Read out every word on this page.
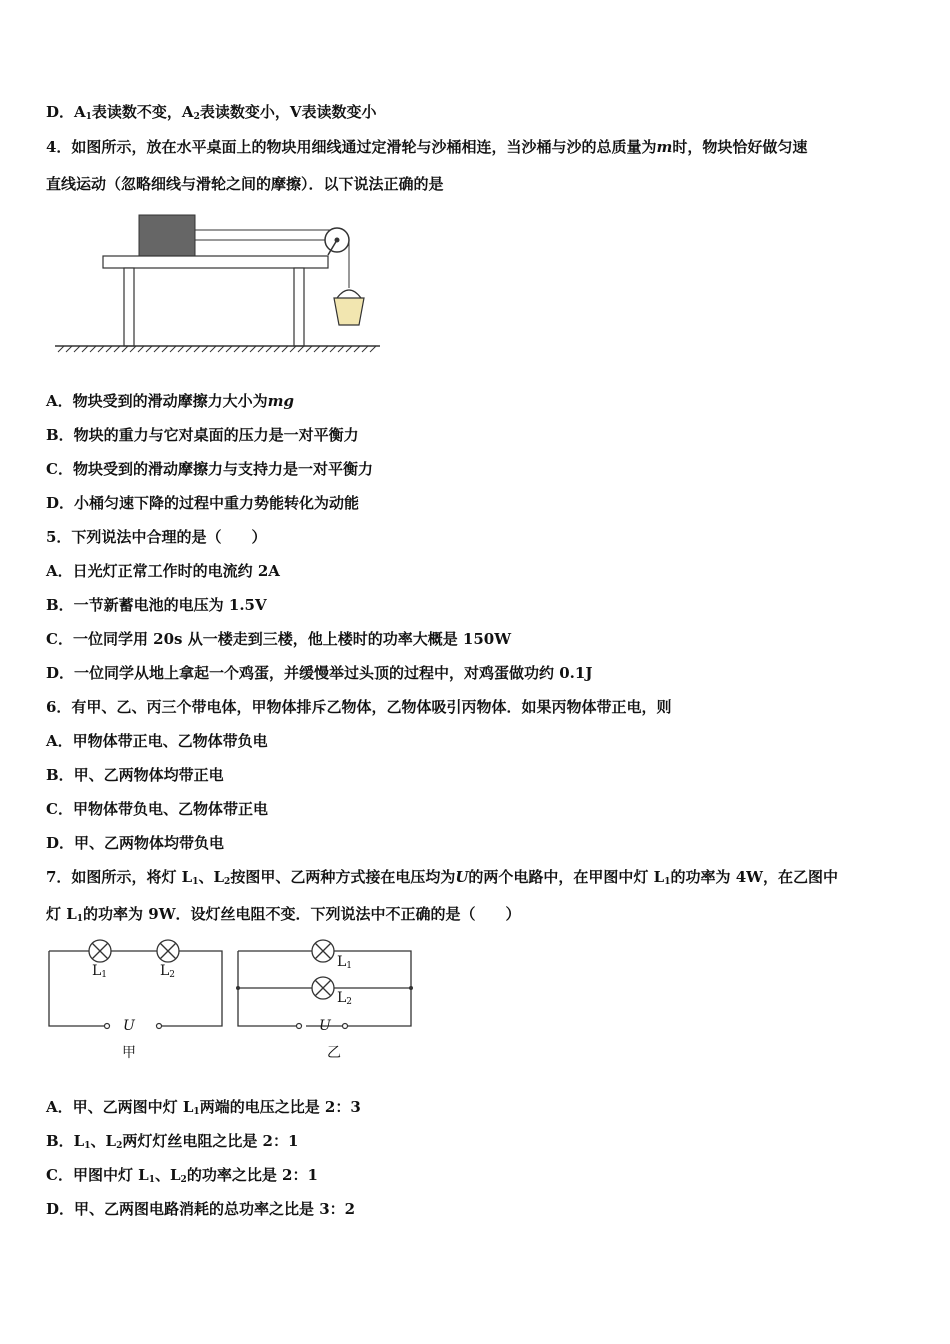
D．$A_1$表读数不变，$A_2$表读数变小，V表读数变小
4．如图所示，放在水平桌面上的物块用细线通过定滑轮与沙桶相连，当沙桶与沙的总质量为m时，物块恰好做匀速
直线运动（忽略细线与滑轮之间的摩擦）．以下说法正确的是
A．物块受到的滑动摩擦力大小为mg
B．物块的重力与它对桌面的压力是一对平衡力
C．物块受到的滑动摩擦力与支持力是一对平衡力
D．小桶匀速下降的过程中重力势能转化为动能
5．下列说法中合理的是（　　）
A．日光灯正常工作时的电流约 2A
B．一节新蓄电池的电压为 1.5V
C．一位同学用 20s 从一楼走到三楼，他上楼时的功率大概是 150W
D．一位同学从地上拿起一个鸡蛋，并缓慢举过头顶的过程中，对鸡蛋做功约 0.1J
6．有甲、乙、丙三个带电体，甲物体排斥乙物体，乙物体吸引丙物体．如果丙物体带正电，则
A．甲物体带正电、乙物体带负电
B．甲、乙两物体均带正电
C．甲物体带负电、乙物体带正电
D．甲、乙两物体均带负电
7．如图所示，将灯 $L_1$、$L_2$按图甲、乙两种方式接在电压均为U的两个电路中，在甲图中灯 $L_1$的功率为 4W，在乙图中
灯 $L_1$的功率为 9W．设灯丝电阻不变．下列说法中不正确的是（　　）
$L_1$	$L_2$
U
甲
$L_1$
$L_2$
U
乙
A．甲、乙两图中灯 $L_1$两端的电压之比是 2：3
B．$L_1$、$L_2$两灯灯丝电阻之比是 2：1
C．甲图中灯 $L_1$、$L_2$的功率之比是 2：1
D．甲、乙两图电路消耗的总功率之比是 3：2
